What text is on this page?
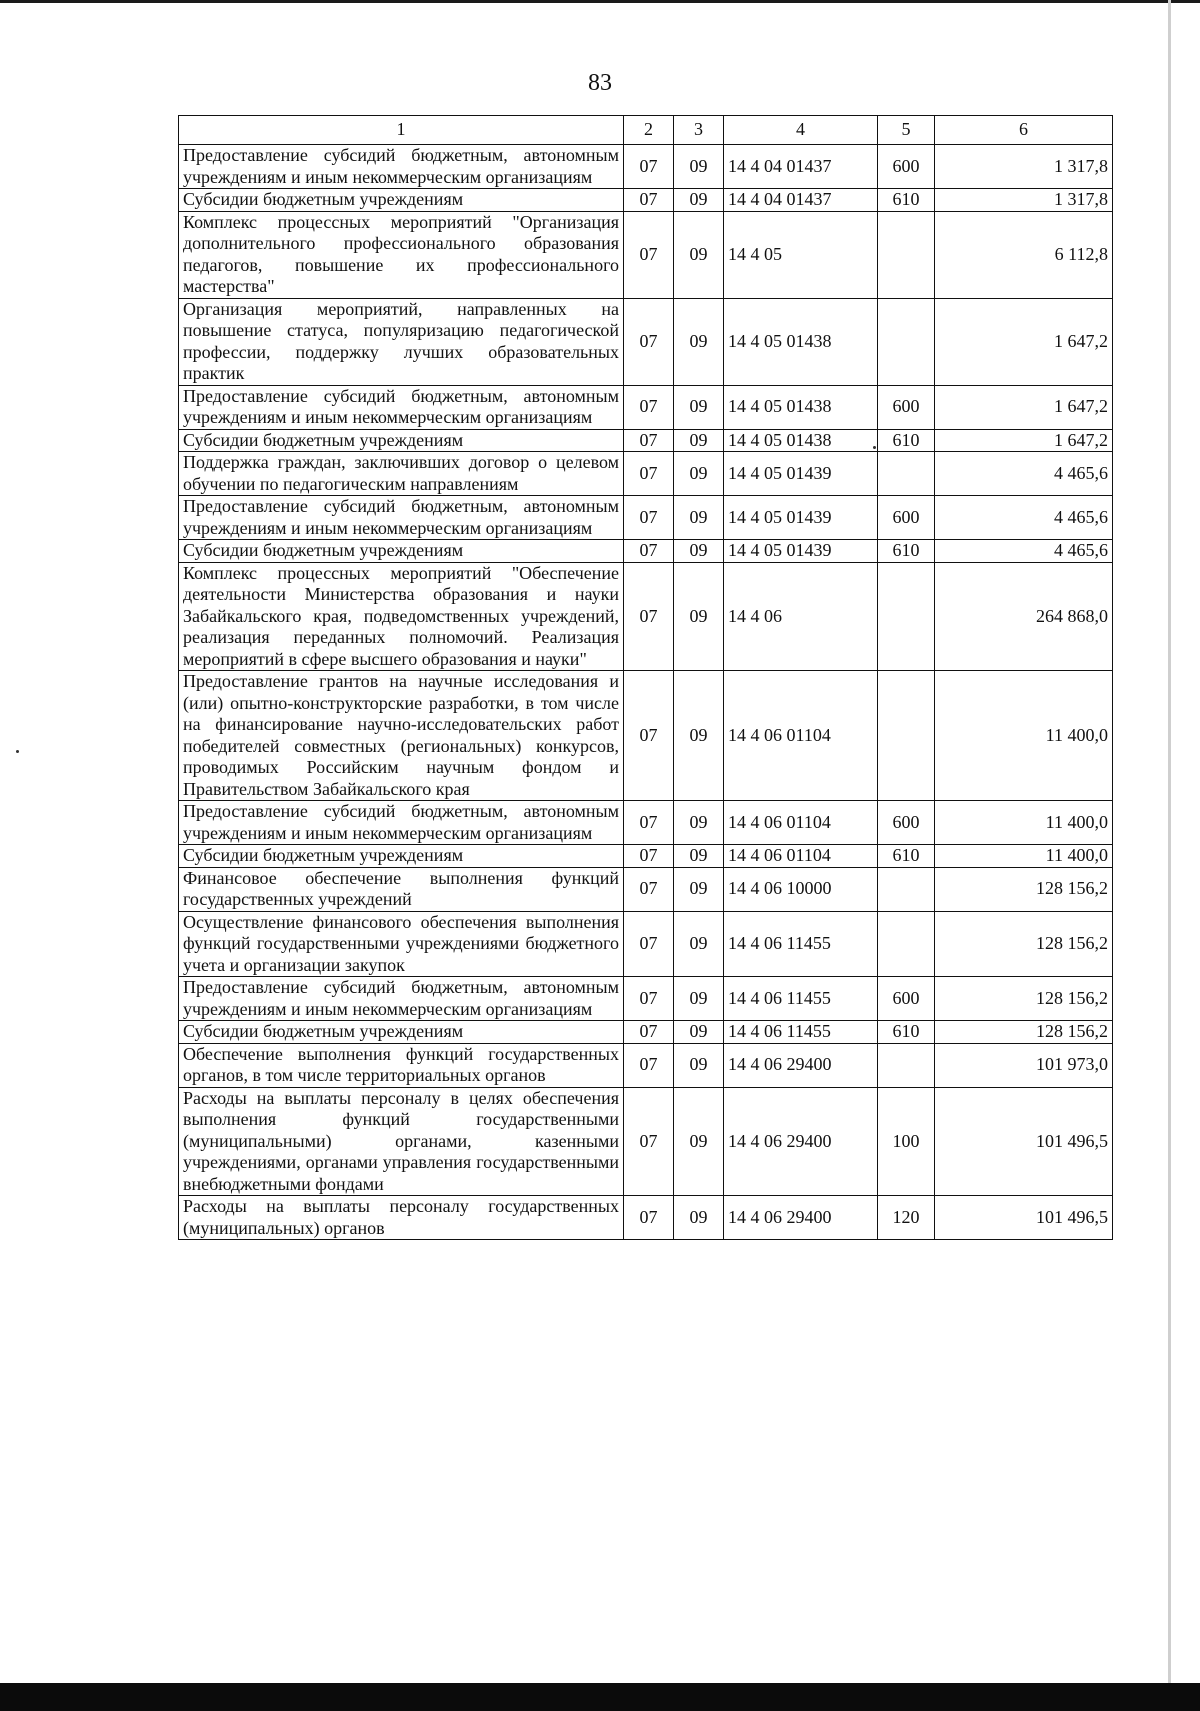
83
1	2	3	4	5	6
Предоставление субсидий бюджетным, автономным учреждениям и иным некоммерческим организациям	07	09	14 4 04 01437	600	1 317,8
Субсидии бюджетным учреждениям	07	09	14 4 04 01437	610	1 317,8
Комплекс процессных мероприятий "Организация дополнительного профессионального образования педагогов, повышение их профессионального мастерства"	07	09	14 4 05		6 112,8
Организация мероприятий, направленных на повышение статуса, популяризацию педагогической профессии, поддержку лучших образовательных практик	07	09	14 4 05 01438		1 647,2
Предоставление субсидий бюджетным, автономным учреждениям и иным некоммерческим организациям	07	09	14 4 05 01438	600	1 647,2
Субсидии бюджетным учреждениям	07	09	14 4 05 01438	610	1 647,2
Поддержка граждан, заключивших договор о целевом обучении по педагогическим направлениям	07	09	14 4 05 01439		4 465,6
Предоставление субсидий бюджетным, автономным учреждениям и иным некоммерческим организациям	07	09	14 4 05 01439	600	4 465,6
Субсидии бюджетным учреждениям	07	09	14 4 05 01439	610	4 465,6
Комплекс процессных мероприятий "Обеспечение деятельности Министерства образования и науки Забайкальского края, подведомственных учреждений, реализация переданных полномочий. Реализация мероприятий в сфере высшего образования и науки"	07	09	14 4 06		264 868,0
Предоставление грантов на научные исследования и (или) опытно-конструкторские разработки, в том числе на финансирование научно-исследовательских работ победителей совместных (региональных) конкурсов, проводимых Российским научным фондом и Правительством Забайкальского края	07	09	14 4 06 01104		11 400,0
Предоставление субсидий бюджетным, автономным учреждениям и иным некоммерческим организациям	07	09	14 4 06 01104	600	11 400,0
Субсидии бюджетным учреждениям	07	09	14 4 06 01104	610	11 400,0
Финансовое обеспечение выполнения функций государственных учреждений	07	09	14 4 06 10000		128 156,2
Осуществление финансового обеспечения выполнения функций государственными учреждениями бюджетного учета и организации закупок	07	09	14 4 06 11455		128 156,2
Предоставление субсидий бюджетным, автономным учреждениям и иным некоммерческим организациям	07	09	14 4 06 11455	600	128 156,2
Субсидии бюджетным учреждениям	07	09	14 4 06 11455	610	128 156,2
Обеспечение выполнения функций государственных органов, в том числе территориальных органов	07	09	14 4 06 29400		101 973,0
Расходы на выплаты персоналу в целях обеспечения выполнения функций государственными (муниципальными) органами, казенными учреждениями, органами управления государственными внебюджетными фондами	07	09	14 4 06 29400	100	101 496,5
Расходы на выплаты персоналу государственных (муниципальных) органов	07	09	14 4 06 29400	120	101 496,5
